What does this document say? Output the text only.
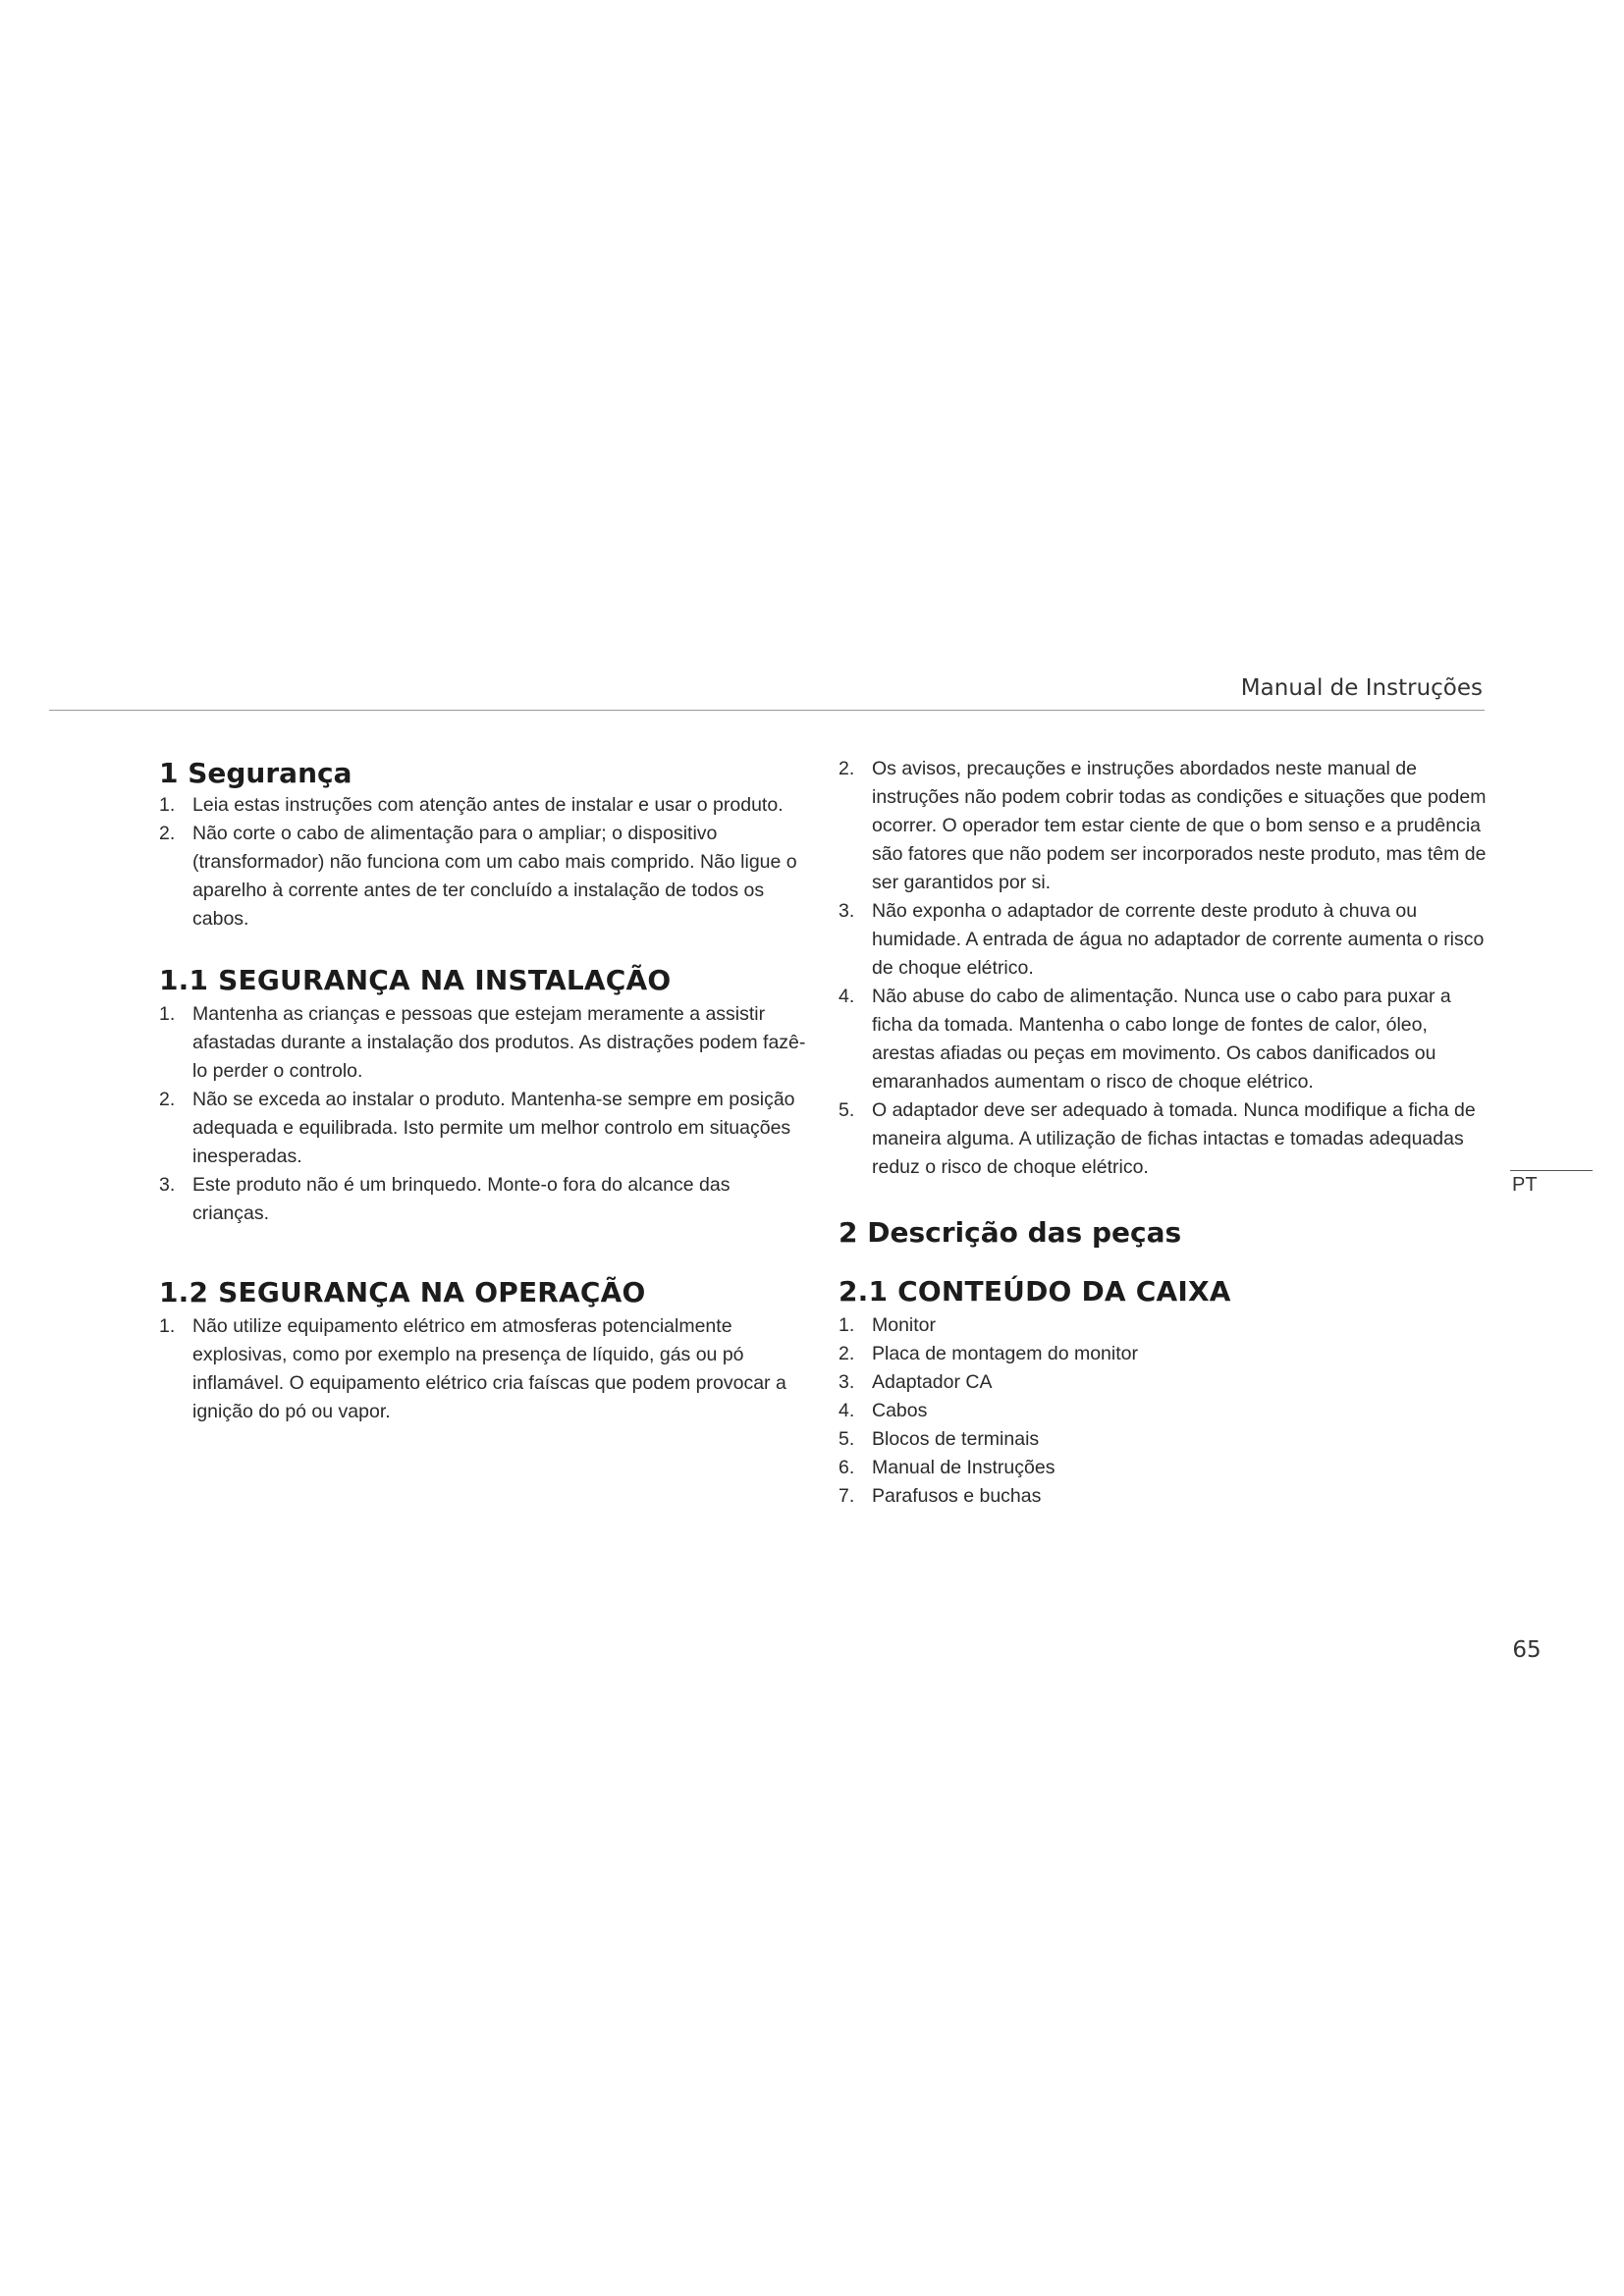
Manual de Instruções
1 Segurança
1. Leia estas instruções com atenção antes de instalar e usar o produto.
2. Não corte o cabo de alimentação para o ampliar; o dispositivo (transformador) não funciona com um cabo mais comprido. Não ligue o aparelho à corrente antes de ter concluído a instalação de todos os cabos.
1.1 SEGURANÇA NA INSTALAÇÃO
1. Mantenha as crianças e pessoas que estejam meramente a assistir afastadas durante a instalação dos produtos. As distrações podem fazê-lo perder o controlo.
2. Não se exceda ao instalar o produto. Mantenha-se sempre em posição adequada e equilibrada. Isto permite um melhor controlo em situações inesperadas.
3. Este produto não é um brinquedo. Monte-o fora do alcance das crianças.
1.2 SEGURANÇA NA OPERAÇÃO
1. Não utilize equipamento elétrico em atmosferas potencialmente explosivas, como por exemplo na presença de líquido, gás ou pó inflamável. O equipamento elétrico cria faíscas que podem provocar a ignição do pó ou vapor.
2. Os avisos, precauções e instruções abordados neste manual de instruções não podem cobrir todas as condições e situações que podem ocorrer. O operador tem estar ciente de que o bom senso e a prudência são fatores que não podem ser incorporados neste produto, mas têm de ser garantidos por si.
3. Não exponha o adaptador de corrente deste produto à chuva ou humidade. A entrada de água no adaptador de corrente aumenta o risco de choque elétrico.
4. Não abuse do cabo de alimentação. Nunca use o cabo para puxar a ficha da tomada. Mantenha o cabo longe de fontes de calor, óleo, arestas afiadas ou peças em movimento. Os cabos danificados ou emaranhados aumentam o risco de choque elétrico.
5. O adaptador deve ser adequado à tomada. Nunca modifique a ficha de maneira alguma. A utilização de fichas intactas e tomadas adequadas reduz o risco de choque elétrico.
2 Descrição das peças
2.1 CONTEÚDO DA CAIXA
1. Monitor
2. Placa de montagem do monitor
3. Adaptador CA
4. Cabos
5. Blocos de terminais
6. Manual de Instruções
7. Parafusos e buchas
PT
65
